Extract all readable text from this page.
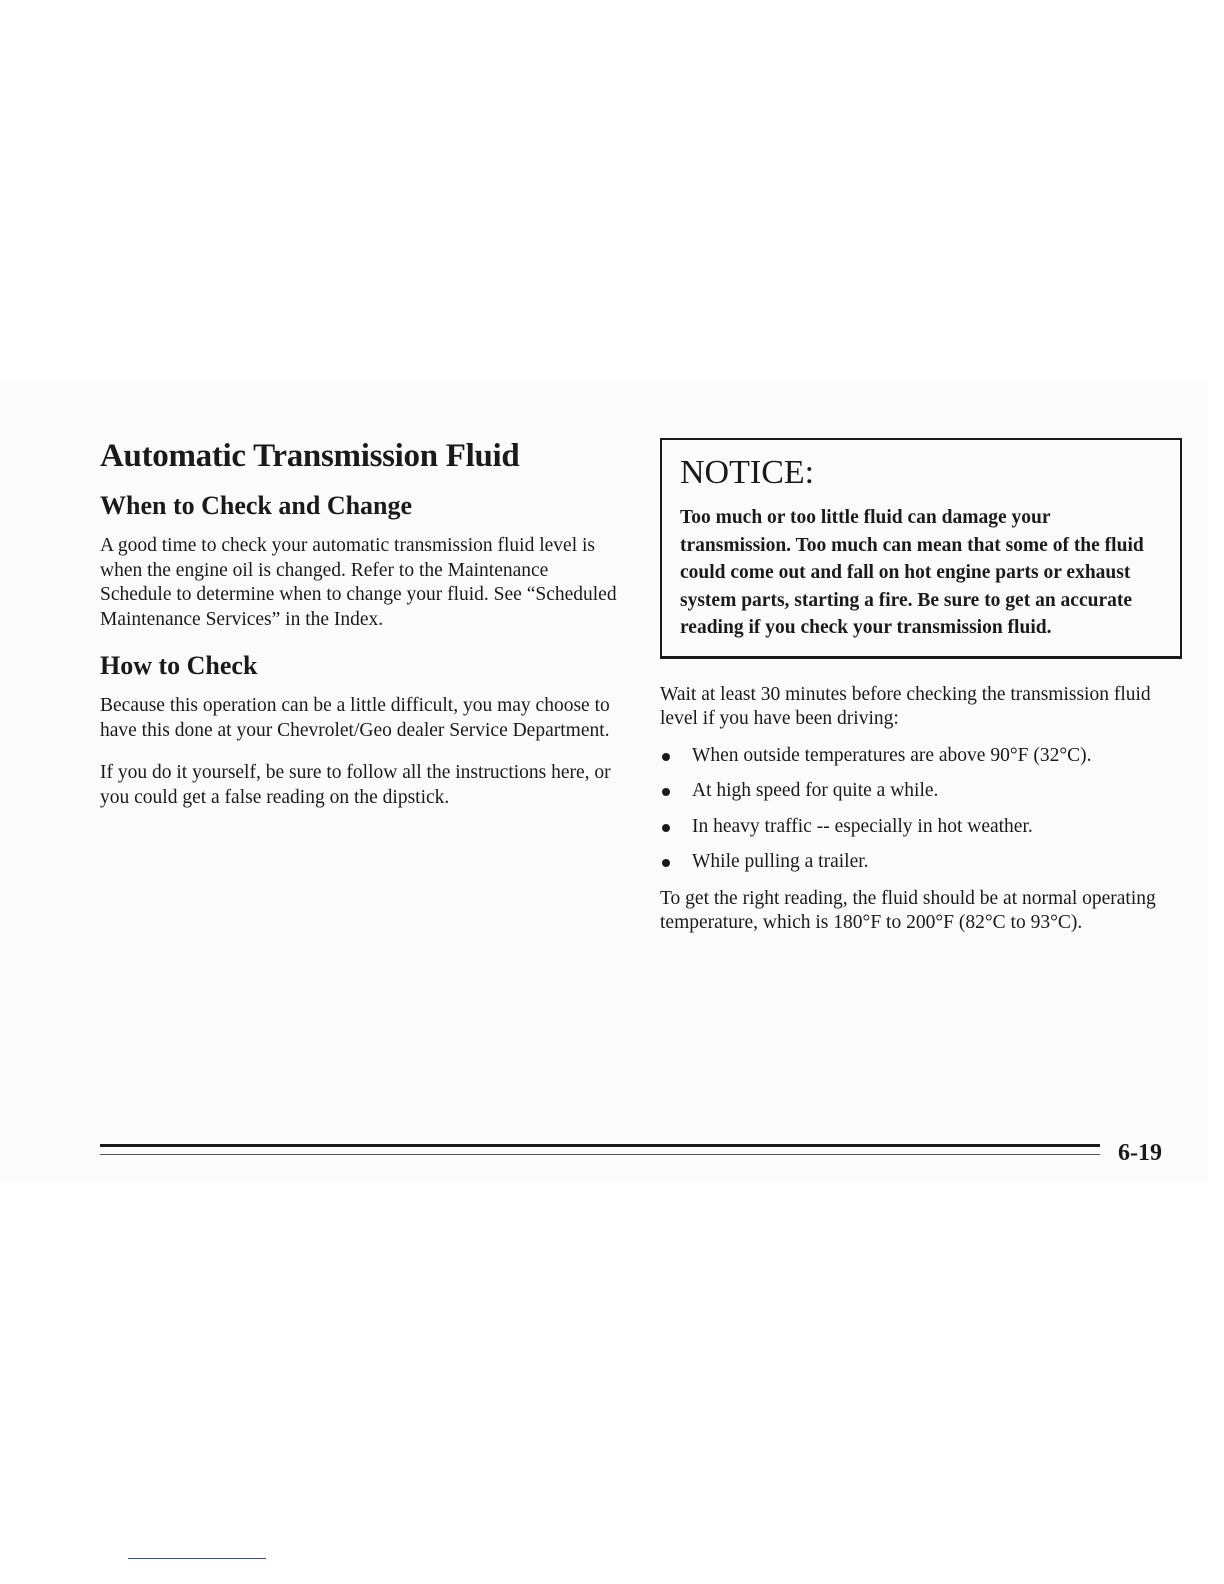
Automatic Transmission Fluid
When to Check and Change

A good time to check your automatic transmission fluid level is when the engine oil is changed. Refer to the Maintenance Schedule to determine when to change your fluid. See “Scheduled Maintenance Services” in the Index.

How to Check

Because this operation can be a little difficult, you may choose to have this done at your Chevrolet/Geo dealer Service Department.

If you do it yourself, be sure to follow all the instructions here, or you could get a false reading on the dipstick.

NOTICE:

Too much or too little fluid can damage your transmission. Too much can mean that some of the fluid could come out and fall on hot engine parts or exhaust system parts, starting a fire. Be sure to get an accurate reading if you check your transmission fluid.

Wait at least 30 minutes before checking the transmission fluid level if you have been driving:

When outside temperatures are above 90°F (32°C).
At high speed for quite a while.
In heavy traffic -- especially in hot weather.
While pulling a trailer.

To get the right reading, the fluid should be at normal operating temperature, which is 180°F to 200°F (82°C to 93°C).

6-19
